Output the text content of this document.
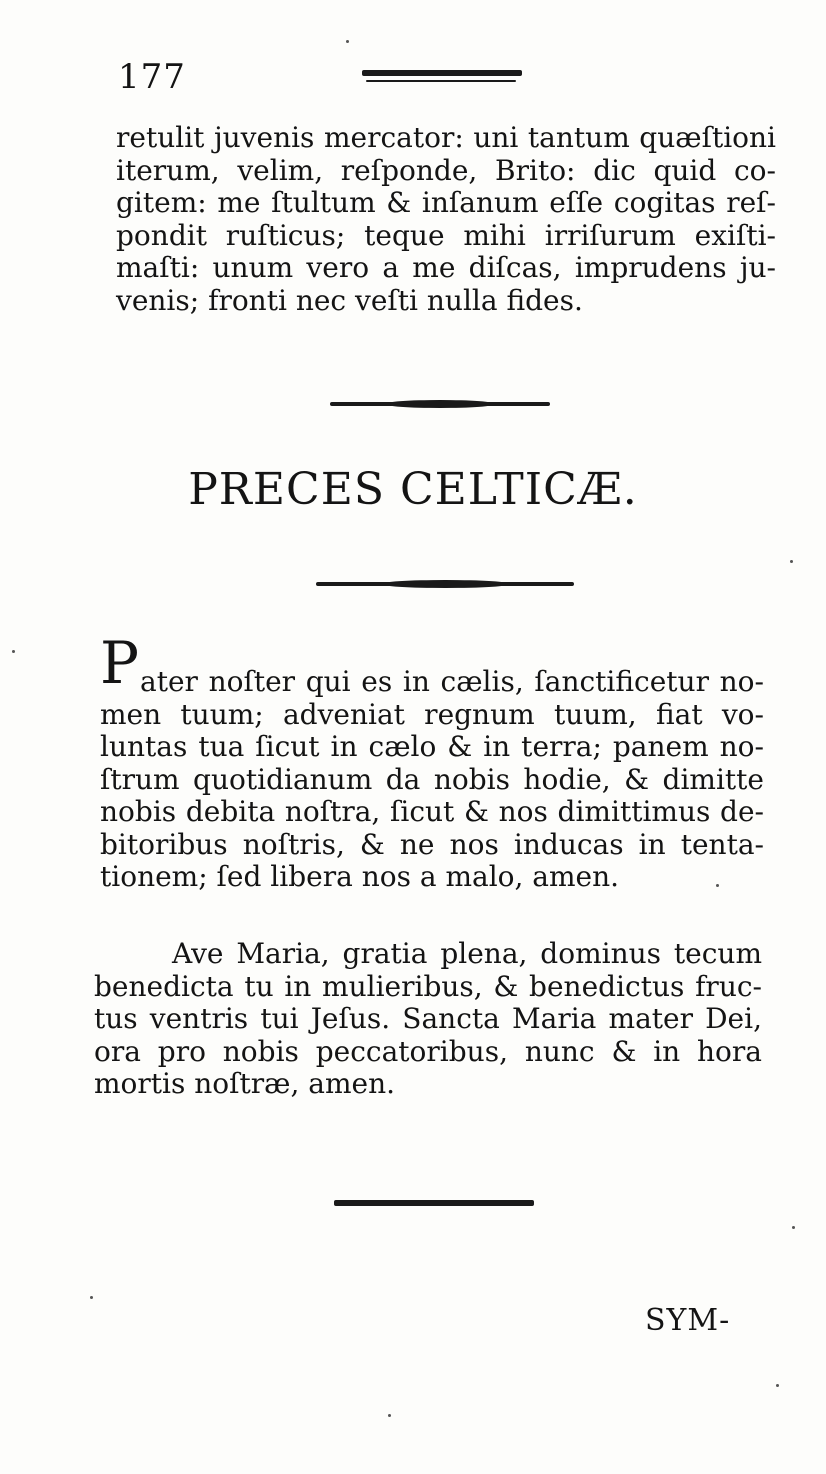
177
retulit juvenis mercator: uni tantum quæſtioni
iterum, velim, reſponde, Brito: dic quid co-
gitem: me ſtultum & inſanum eſſe cogitas reſ-
pondit ruſticus; teque mihi irriſurum exiſti-
maſti: unum vero a me diſcas, imprudens ju-
venis; fronti nec veſti nulla fides.
PRECES CELTICÆ.
P ater noſter qui es in cælis, ſanctificetur no-
men tuum; adveniat regnum tuum, fiat vo-
luntas tua ſicut in cælo & in terra; panem no-
ſtrum quotidianum da nobis hodie, & dimitte
nobis debita noſtra, ſicut & nos dimittimus de-
bitoribus noſtris, & ne nos inducas in tenta-
tionem; ſed libera nos a malo, amen.
Ave Maria, gratia plena, dominus tecum
benedicta tu in mulieribus, & benedictus fruc-
tus ventris tui Jeſus. Sancta Maria mater Dei,
ora pro nobis peccatoribus, nunc & in hora
mortis noſtræ, amen.
SYM-
